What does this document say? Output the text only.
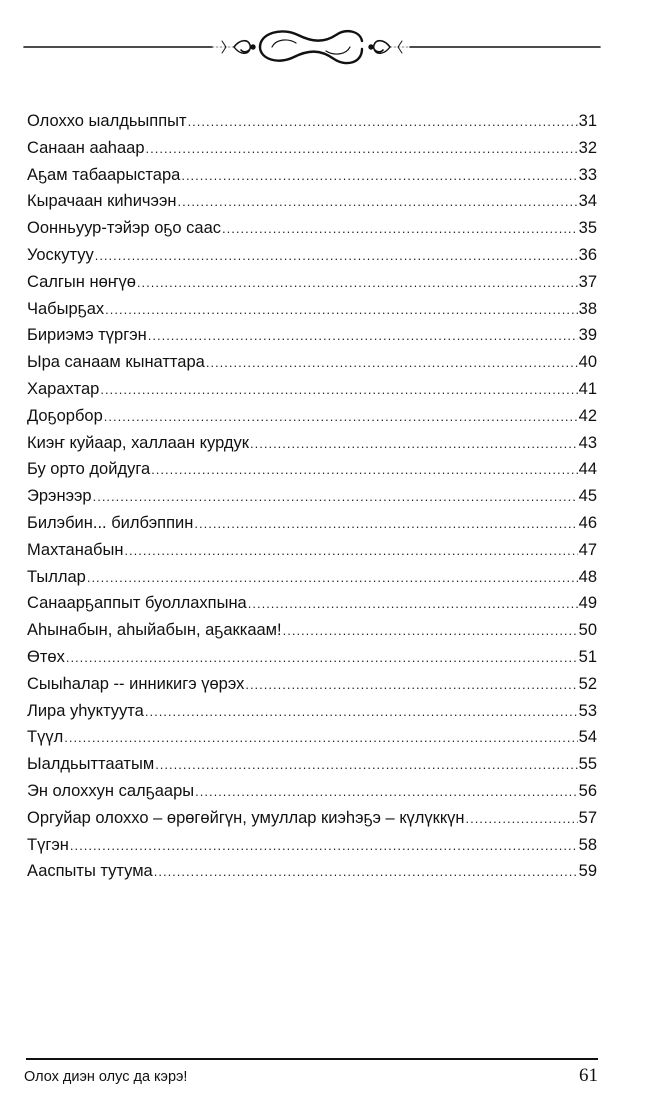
Олоххо ыалдьыппыт .....	31
Санаан ааһаар .....	32
Аҕам табаарыстара .....	33
Кырачаан киһичээн .....	34
Оонньуур-тэйэр оҕо саас .....	35
Уоскутуу .....	36
Салгын нөҥүө .....	37
Чабырҕах .....	38
Бириэмэ түргэн .....	39
Ыра санаам кынаттара .....	40
Харахтар .....	41
Доҕорбор .....	42
Киэҥ куйаар, халлаан курдук .....	43
Бу орто дойдуга .....	44
Эрэнээр .....	45
Билэбин... билбэппин .....	46
Махтанабын .....	47
Тыллар .....	48
Санаарҕаппыт буоллахпына .....	49
Аһынабын, аһыйабын, аҕаккаам! .....	50
Өтөх .....	51
Сыыһалар -- инникигэ үөрэх .....	52
Лира уһуктуута .....	53
Түүл .....	54
Ыалдьыттаатым .....	55
Эн олоххун салҕаары .....	56
Оргуйар олоххо – өрөгөйгүн, умуллар киэһэҕэ – күлүккүн .....	57
Түгэн .....	58
Ааспыты тутума .....	59
Олох диэн олус да кэрэ!	61
